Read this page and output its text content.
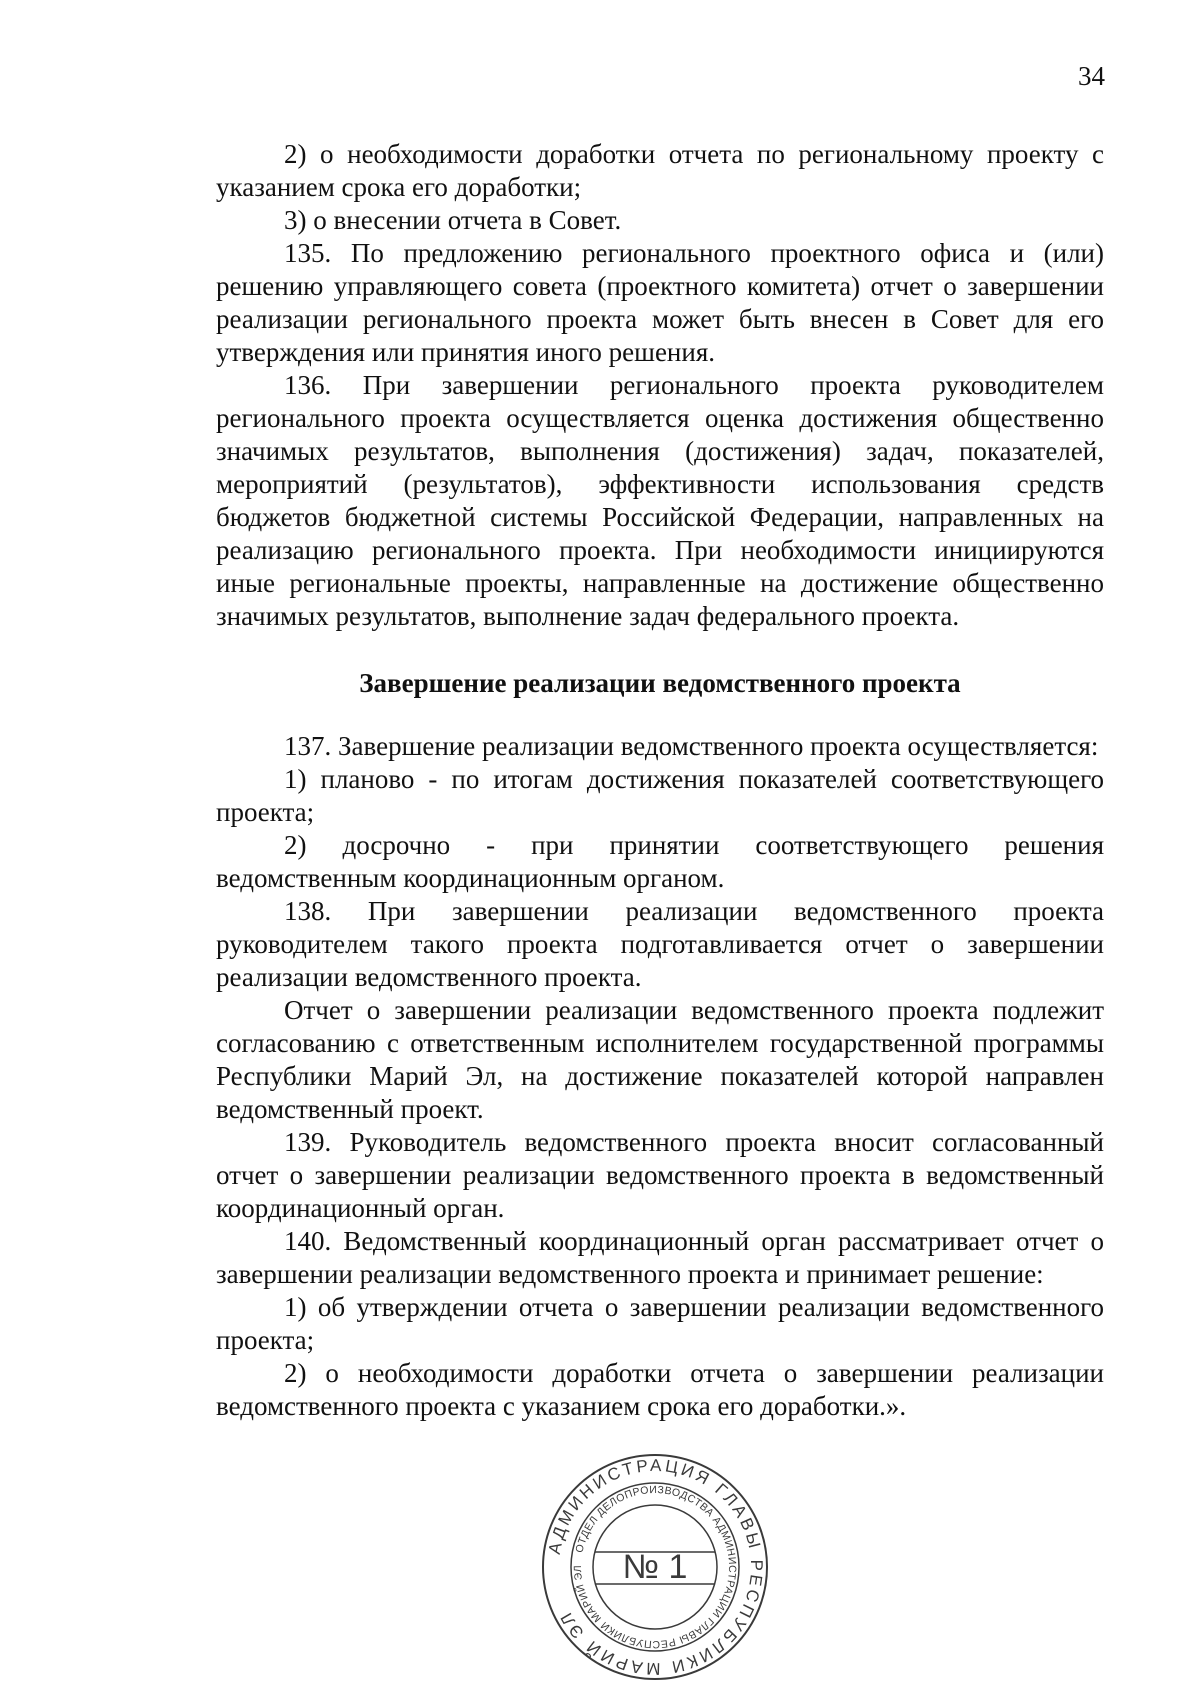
34

2) о необходимости доработки отчета по региональному проекту с указанием срока его доработки;

3) о внесении отчета в Совет.

135. По предложению регионального проектного офиса и (или) решению управляющего совета (проектного комитета) отчет о завершении реализации регионального проекта может быть внесен в Совет для его утверждения или принятия иного решения.

136. При завершении регионального проекта руководителем регионального проекта осуществляется оценка достижения общественно значимых результатов, выполнения (достижения) задач, показателей, мероприятий (результатов), эффективности использования средств бюджетов бюджетной системы Российской Федерации, направленных на реализацию регионального проекта. При необходимости инициируются иные региональные проекты, направленные на достижение общественно значимых результатов, выполнение задач федерального проекта.

Завершение реализации ведомственного проекта

137. Завершение реализации ведомственного проекта осуществляется:

1) планово - по итогам достижения показателей соответствующего проекта;

2) досрочно - при принятии соответствующего решения ведомственным координационным органом.

138. При завершении реализации ведомственного проекта руководителем такого проекта подготавливается отчет о завершении реализации ведомственного проекта.

Отчет о завершении реализации ведомственного проекта подлежит согласованию с ответственным исполнителем государственной программы Республики Марий Эл, на достижение показателей которой направлен ведомственный проект.

139. Руководитель ведомственного проекта вносит согласованный отчет о завершении реализации ведомственного проекта в ведомственный координационный орган.

140. Ведомственный координационный орган рассматривает отчет о завершении реализации ведомственного проекта и принимает решение:

1) об утверждении отчета о завершении реализации ведомственного проекта;

2) о необходимости доработки отчета о завершении реализации ведомственного проекта с указанием срока его доработки.».

АДМИНИСТРАЦИЯ ГЛАВЫ РЕСПУБЛИКИ МАРИЙ ЭЛ
ОТДЕЛ ДЕЛОПРОИЗВОДСТВА АДМИНИСТРАЦИИ ГЛАВЫ РЕСПУБЛИКИ МАРИЙ ЭЛ	№ 1
